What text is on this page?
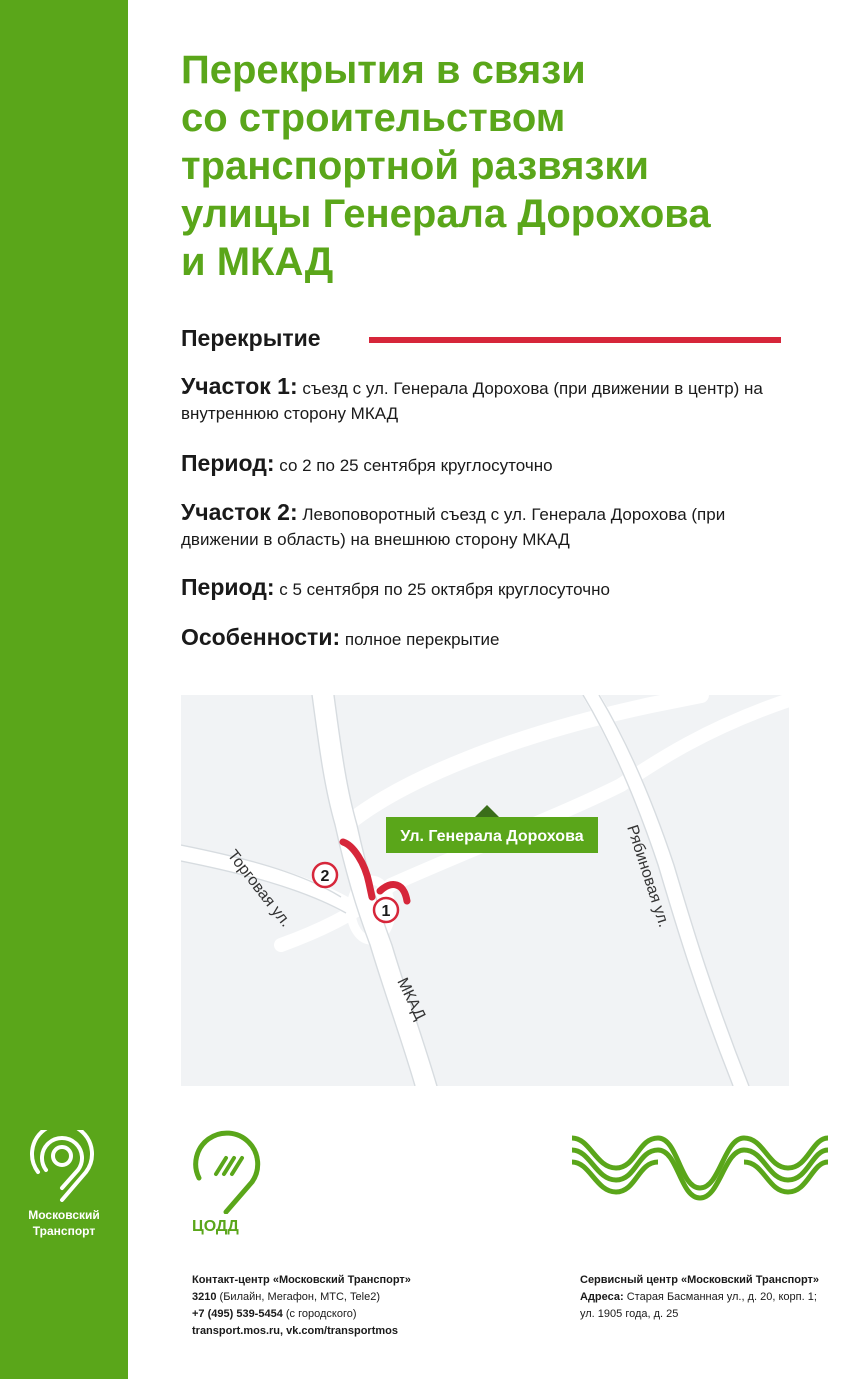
Перекрытия в связи
со строительством
транспортной развязки
улицы Генерала Дорохова
и МКАД
Перекрытие
Участок 1: съезд с ул. Генерала Дорохова (при движении в центр) на внутреннюю сторону МКАД
Период: со 2 по 25 сентября круглосуточно
Участок 2: Левоповоротный съезд с ул. Генерала Дорохова (при движении в область) на внешнюю сторону МКАД
Период: с 5 сентября по 25 октября круглосуточно
Особенности: полное перекрытие
2
1
Ул. Генерала Дорохова
Торговая ул.	Рябиновая ул.
МКАД
Московский
Транспорт	ЦОДД
Контакт-центр «Московский Транспорт»
3210 (Билайн, Мегафон, МТС, Tele2)
+7 (495) 539-5454 (с городского)
transport.mos.ru, vk.com/transportmos
Сервисный центр «Московский Транспорт»
Адреса: Старая Басманная ул., д. 20, корп. 1;
ул. 1905 года, д. 25
